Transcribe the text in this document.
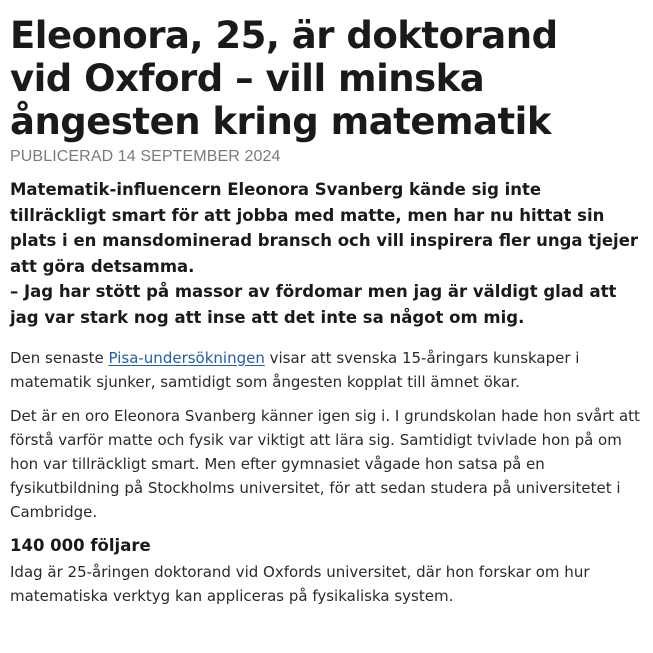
Eleonora, 25, är doktorand vid Oxford – vill minska ångesten kring matematik
PUBLICERAD 14 SEPTEMBER 2024

Matematik-influencern Eleonora Svanberg kände sig inte tillräckligt smart för att jobba med matte, men har nu hittat sin plats i en mansdominerad bransch och vill inspirera fler unga tjejer att göra detsamma.

– Jag har stött på massor av fördomar men jag är väldigt glad att jag var stark nog att inse att det inte sa något om mig.

Den senaste Pisa-undersökningen visar att svenska 15-åringars kunskaper i matematik sjunker, samtidigt som ångesten kopplat till ämnet ökar.

Det är en oro Eleonora Svanberg känner igen sig i. I grundskolan hade hon svårt att förstå varför matte och fysik var viktigt att lära sig. Samtidigt tvivlade hon på om hon var tillräckligt smart. Men efter gymnasiet vågade hon satsa på en fysikutbildning på Stockholms universitet, för att sedan studera på universitetet i Cambridge.

140 000 följare

Idag är 25-åringen doktorand vid Oxfords universitet, där hon forskar om hur matematiska verktyg kan appliceras på fysikaliska system.
